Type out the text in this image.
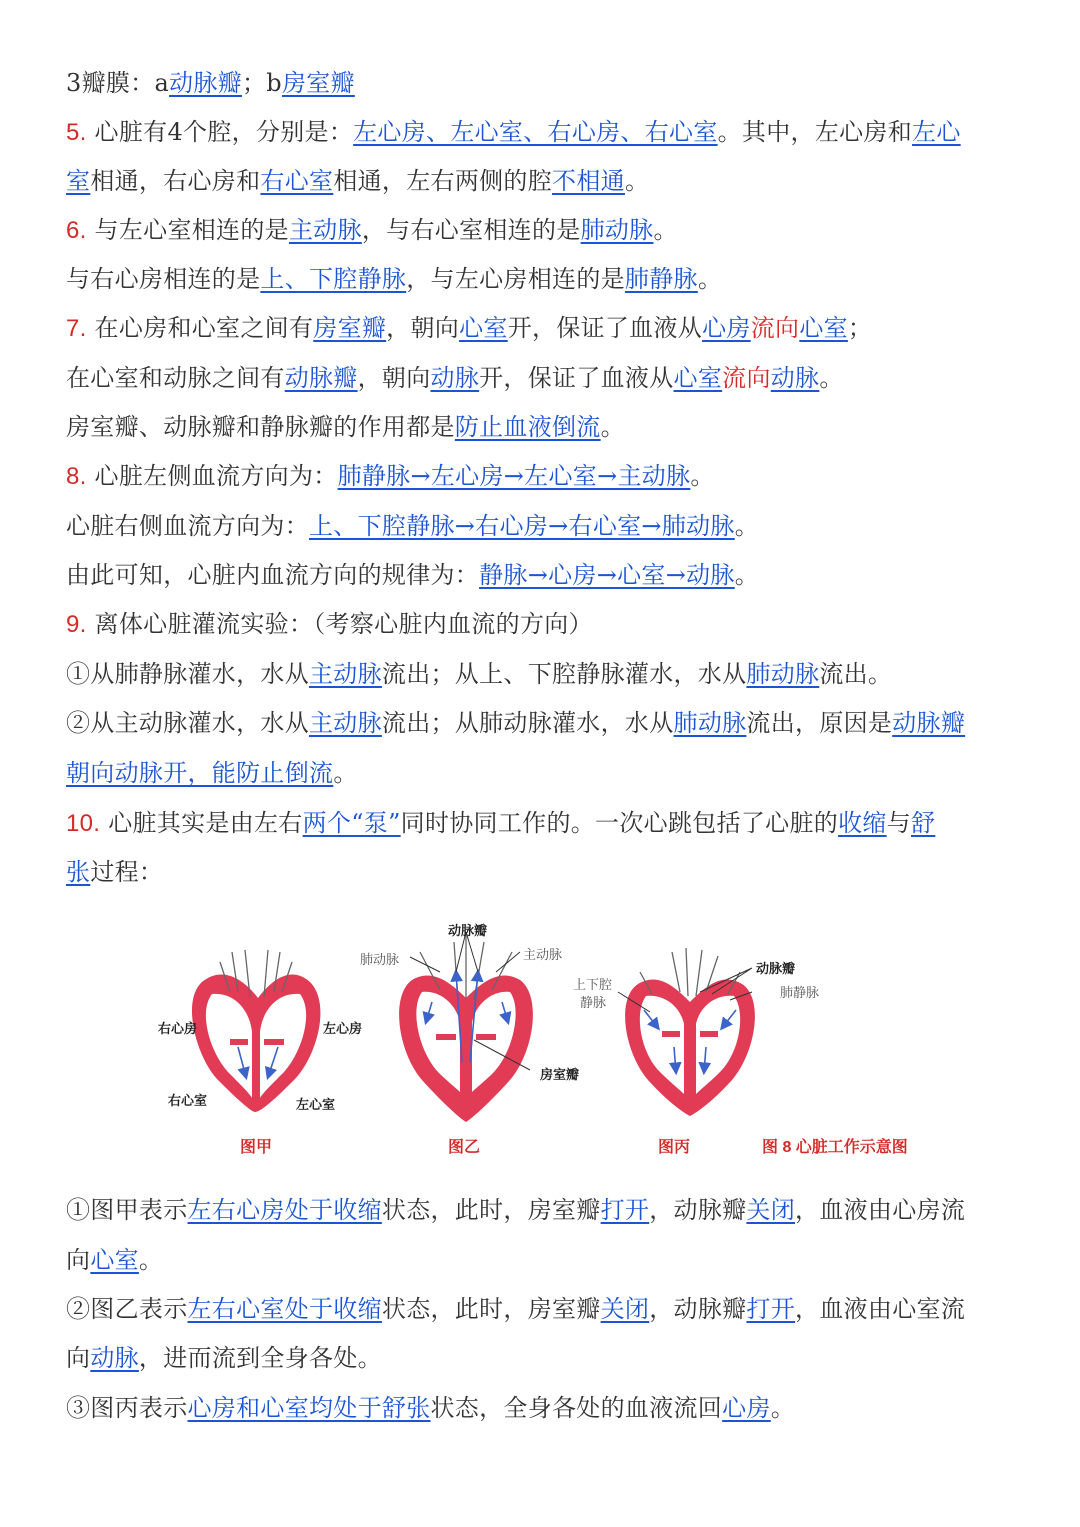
3瓣膜：a动脉瓣；b房室瓣
5. 心脏有4个腔，分别是：左心房、左心室、右心房、右心室。其中，左心房和左心
室相通，右心房和右心室相通，左右两侧的腔不相通。
6. 与左心室相连的是主动脉，与右心室相连的是肺动脉。
与右心房相连的是上、下腔静脉，与左心房相连的是肺静脉。
7. 在心房和心室之间有房室瓣，朝向心室开，保证了血液从心房流向心室；
在心室和动脉之间有动脉瓣，朝向动脉开，保证了血液从心室流向动脉。
房室瓣、动脉瓣和静脉瓣的作用都是防止血液倒流。
8. 心脏左侧血流方向为：肺静脉→左心房→左心室→主动脉。
心脏右侧血流方向为：上、下腔静脉→右心房→右心室→肺动脉。
由此可知，心脏内血流方向的规律为：静脉→心房→心室→动脉。
9. 离体心脏灌流实验：（考察心脏内血流的方向）
①从肺静脉灌水，水从主动脉流出；从上、下腔静脉灌水，水从肺动脉流出。
②从主动脉灌水，水从主动脉流出；从肺动脉灌水，水从肺动脉流出，原因是动脉瓣
朝向动脉开，能防止倒流。
10. 心脏其实是由左右两个“泵”同时协同工作的。一次心跳包括了心脏的收缩与舒
张过程：
右心房	左心房
右心室	左心室
动脉瓣
肺动脉	主动脉
房室瓣
上下腔
静脉
动脉瓣
肺静脉
图甲	图乙	图丙	图 8 心脏工作示意图
①图甲表示左右心房处于收缩状态，此时，房室瓣打开，动脉瓣关闭，血液由心房流
向心室。
②图乙表示左右心室处于收缩状态，此时，房室瓣关闭，动脉瓣打开，血液由心室流
向动脉，进而流到全身各处。
③图丙表示心房和心室均处于舒张状态，全身各处的血液流回心房。
